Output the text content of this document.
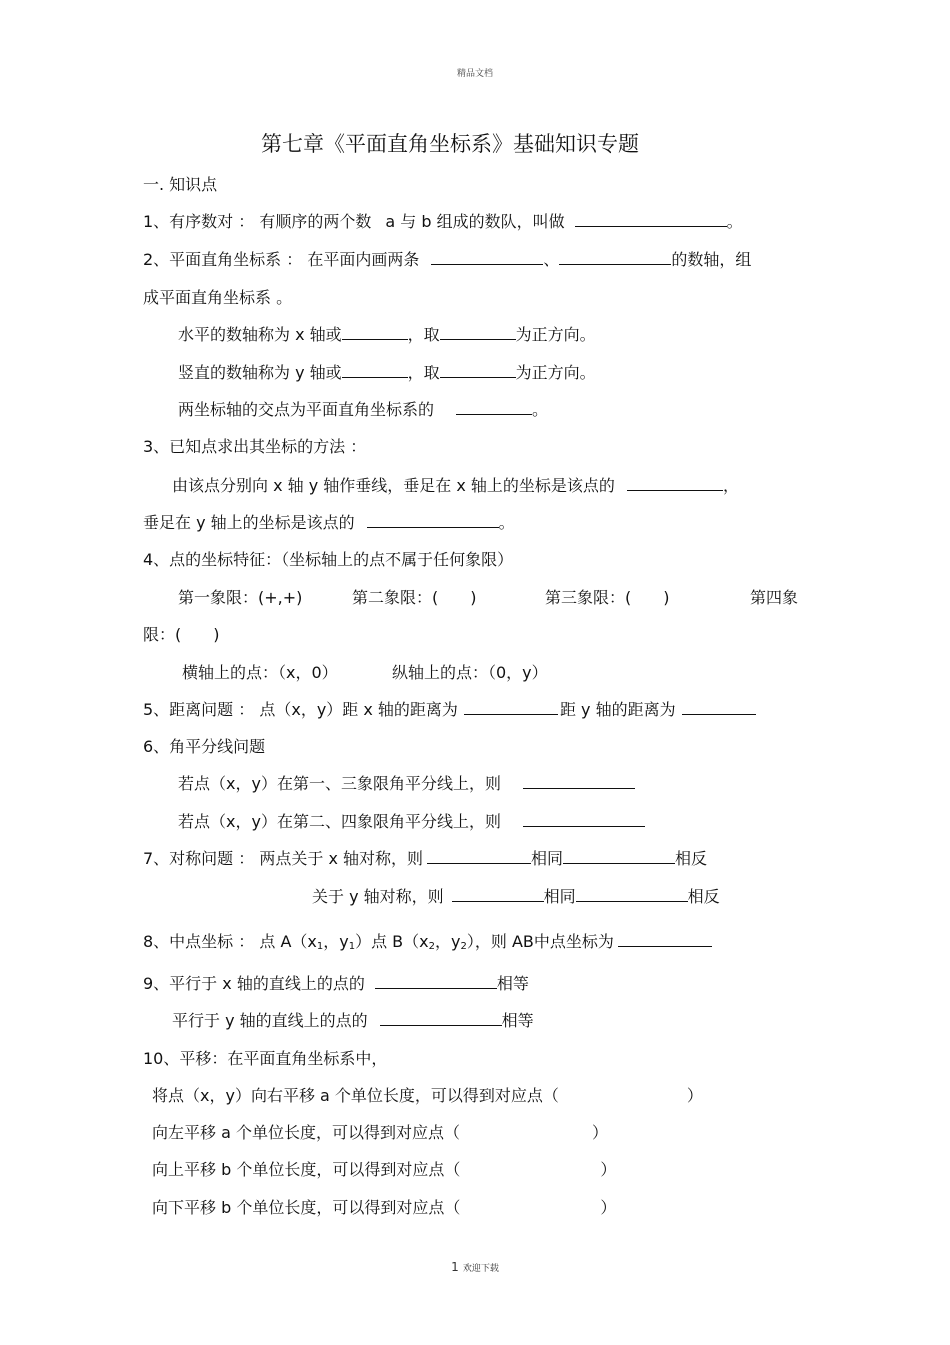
精品文档
第七章《平面直角坐标系》基础知识专题
一. 知识点
1、有序数对 ： 有顺序的两个数 a 与 b 组成的数队，叫做	。
2、平面直角坐标系 ： 在平面内画两条	、	的数轴，组
成平面直角坐标系 。
水平的数轴称为 x 轴或	，取	为正方向。
竖直的数轴称为 y 轴或	，取	为正方向。
两坐标轴的交点为平面直角坐标系的	。
3、已知点求出其坐标的方法 ：
由该点分别向 x 轴 y 轴作垂线，垂足在 x 轴上的坐标是该点的	，
垂足在 y 轴上的坐标是该点的	。
4、点的坐标特征：（坐标轴上的点不属于任何象限）
第一象限：(+,+)	第二象限：(　　)	第三象限：(　　)	第四象
限：(　　)
横轴上的点：（x，0）	纵轴上的点：（0，y）
5、距离问题 ： 点（x，y）距 x 轴的距离为	距 y 轴的距离为
6、角平分线问题
若点（x，y）在第一、三象限角平分线上，则
若点（x，y）在第二、四象限角平分线上，则
7、对称问题 ： 两点关于 x 轴对称，则	相同	相反
关于 y 轴对称，则	相同	相反
8、中点坐标 ： 点 $A(x_1$，$y_1$）点 $B(x_2$，$y_2$），则 AB中点坐标为
9、平行于 x 轴的直线上的点的	相等
平行于 y 轴的直线上的点的	相等
10、平移：在平面直角坐标系中，
将点（x，y）向右平移 a 个单位长度，可以得到对应点（	）
向左平移 a 个单位长度，可以得到对应点（	）
向上平移 b 个单位长度，可以得到对应点（	）
向下平移 b 个单位长度，可以得到对应点（	）
1 欢迎下载
